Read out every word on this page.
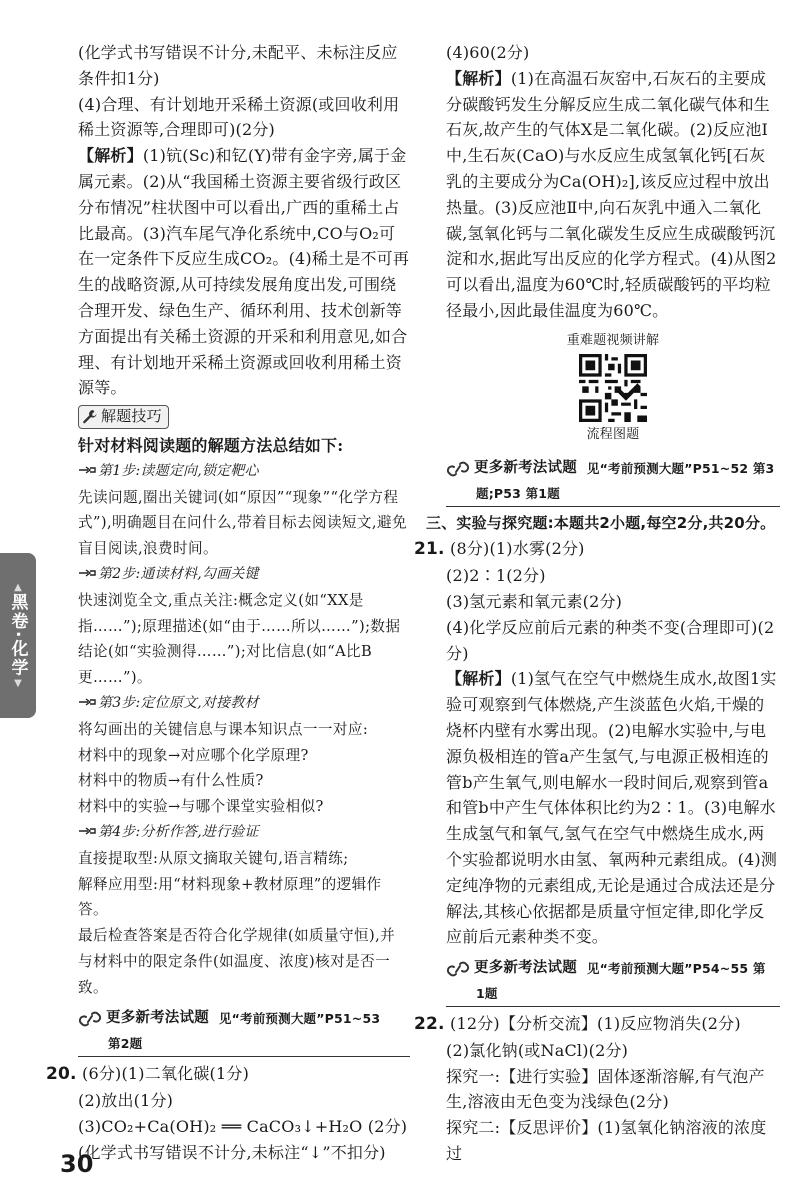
(化学式书写错误不计分,未配平、未标注反应条件扣1分)

(4)合理、有计划地开采稀土资源(或回收利用稀土资源等,合理即可)(2分)

【解析】(1)钪(Sc)和钇(Y)带有金字旁,属于金属元素。(2)从“我国稀土资源主要省级行政区分布情况”柱状图中可以看出,广西的重稀土占比最高。(3)汽车尾气净化系统中,CO与O₂可在一定条件下反应生成CO₂。(4)稀土是不可再生的战略资源,从可持续发展角度出发,可围绕合理开发、绿色生产、循环利用、技术创新等方面提出有关稀土资源的开采和利用意见,如合理、有计划地开采稀土资源或回收利用稀土资源等。

解题技巧

针对材料阅读题的解题方法总结如下:

第1步:读题定向,锁定靶心

先读问题,圈出关键词(如“原因”“现象”“化学方程式”),明确题目在问什么,带着目标去阅读短文,避免盲目阅读,浪费时间。

第2步:通读材料,勾画关键

快速浏览全文,重点关注:概念定义(如“XX是指……”);原理描述(如“由于……所以……”);数据结论(如“实验测得……”);对比信息(如“A比B更……”)。

第3步:定位原文,对接教材

将勾画出的关键信息与课本知识点一一对应:

材料中的现象→对应哪个化学原理?

材料中的物质→有什么性质?

材料中的实验→与哪个课堂实验相似?

第4步:分析作答,进行验证

直接提取型:从原文摘取关键句,语言精练;

解释应用型:用“材料现象+教材原理”的逻辑作答。

最后检查答案是否符合化学规律(如质量守恒),并与材料中的限定条件(如温度、浓度)核对是否一致。

更多新考法试题 见“考前预测大题”P51~53
第2题

20. (6分)(1)二氧化碳(1分)

(2)放出(1分)

(3)CO₂+Ca(OH)₂ ══ CaCO₃↓+H₂O (2分)

(化学式书写错误不计分,未标注“↓”不扣分)

(4)60(2分)

【解析】(1)在高温石灰窑中,石灰石的主要成分碳酸钙发生分解反应生成二氧化碳气体和生石灰,故产生的气体X是二氧化碳。(2)反应池Ⅰ中,生石灰(CaO)与水反应生成氢氧化钙[石灰乳的主要成分为Ca(OH)₂],该反应过程中放出热量。(3)反应池Ⅱ中,向石灰乳中通入二氧化碳,氢氧化钙与二氧化碳发生反应生成碳酸钙沉淀和水,据此写出反应的化学方程式。(4)从图2可以看出,温度为60℃时,轻质碳酸钙的平均粒径最小,因此最佳温度为60℃。

重难题视频讲解
流程图题
更多新考法试题 见“考前预测大题”P51~52 第3
题;P53 第1题

三、实验与探究题:本题共2小题,每空2分,共20分。

21. (8分)(1)水雾(2分)

(2)2∶1(2分)

(3)氢元素和氧元素(2分)

(4)化学反应前后元素的种类不变(合理即可)(2分)

【解析】(1)氢气在空气中燃烧生成水,故图1实验可观察到气体燃烧,产生淡蓝色火焰,干燥的烧杯内壁有水雾出现。(2)电解水实验中,与电源负极相连的管a产生氢气,与电源正极相连的管b产生氧气,则电解水一段时间后,观察到管a和管b中产生气体体积比约为2∶1。(3)电解水生成氢气和氧气,氢气在空气中燃烧生成水,两个实验都说明水由氢、氧两种元素组成。(4)测定纯净物的元素组成,无论是通过合成法还是分解法,其核心依据都是质量守恒定律,即化学反应前后元素种类不变。

更多新考法试题 见“考前预测大题”P54~55 第
1题

22. (12分)【分析交流】(1)反应物消失(2分)

(2)氯化钠(或NaCl)(2分)

探究一:【进行实验】固体逐渐溶解,有气泡产生,溶液由无色变为浅绿色(2分)

探究二:【反思评价】(1)氢氧化钠溶液的浓度过

▲
黑卷·化学
▼
30
